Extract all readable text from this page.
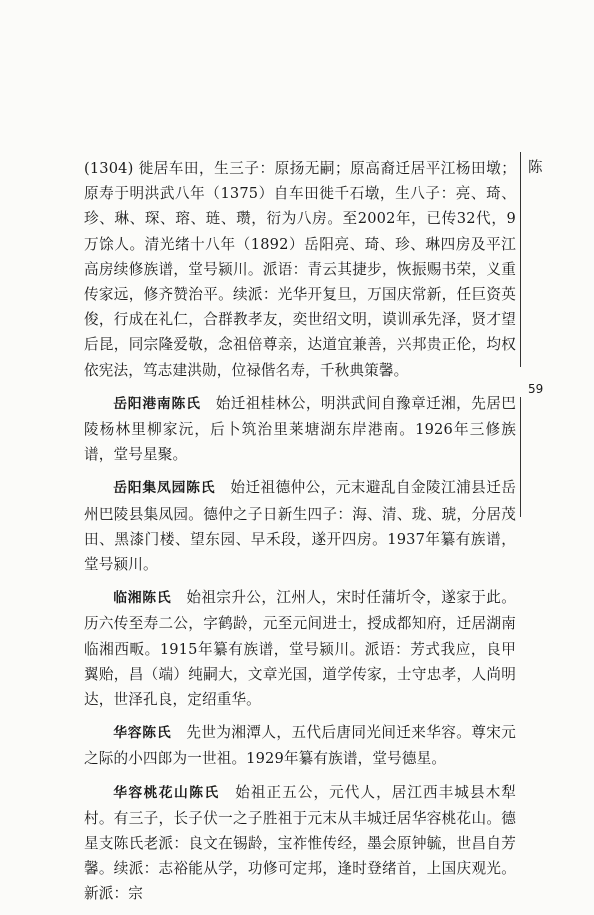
陈
59

(1304) 徙居车田，生三子：原扬无嗣；原高裔迁居平江杨田墩；原寿于明洪武八年（1375）自车田徙千石墩，生八子：亮、琦、珍、琳、琛、瑢、琏、瓒，衍为八房。至2002年，已传32代，9万馀人。清光绪十八年（1892）岳阳亮、琦、珍、琳四房及平江高房续修族谱，堂号颍川。派语：青云其捷步，恢振赐书荣，义重传家远，修齐赞治平。续派：光华开复旦，万国庆常新，任巨资英俊，行成在礼仁，合群教孝友，奕世绍文明，谟训承先泽，贤才望后昆，同宗隆爱敬，念祖倍尊亲，达道宜兼善，兴邦贵正伦，均权依宪法，笃志建洪勋，位禄偕名寿，千秋典策馨。

岳阳港南陈氏　始迁祖桂林公，明洪武间自豫章迁湘，先居巴陵杨林里柳家沅，后卜筑治里莱塘湖东岸港南。1926年三修族谱，堂号星聚。

岳阳集凤园陈氏　始迁祖德仲公，元末避乱自金陵江浦县迁岳州巴陵县集凤园。德仲之子日新生四子：海、清、珑、琥，分居茂田、黑漆门楼、望东园、早禾段，遂开四房。1937年纂有族谱，堂号颍川。

临湘陈氏　始祖宗升公，江州人，宋时任蒲圻令，遂家于此。历六传至寿二公，字鹤龄，元至元间进士，授成都知府，迁居湖南临湘西畈。1915年纂有族谱，堂号颍川。派语：芳式我应，良甲翼贻，昌（端）纯嗣大，文章光国，道学传家，士守忠孝，人尚明达，世泽孔良，定绍重华。

华容陈氏　先世为湘潭人，五代后唐同光间迁来华容。尊宋元之际的小四郎为一世祖。1929年纂有族谱，堂号德星。

华容桃花山陈氏　始祖正五公，元代人，居江西丰城县木犁村。有三子，长子伏一之子胜祖于元末从丰城迁居华容桃花山。德星支陈氏老派：良文在锡龄，宝祚惟传经，墨会原钟毓，世昌自芳馨。续派：志裕能从学，功修可定邦，逢时登绪首，上国庆观光。新派：宗
